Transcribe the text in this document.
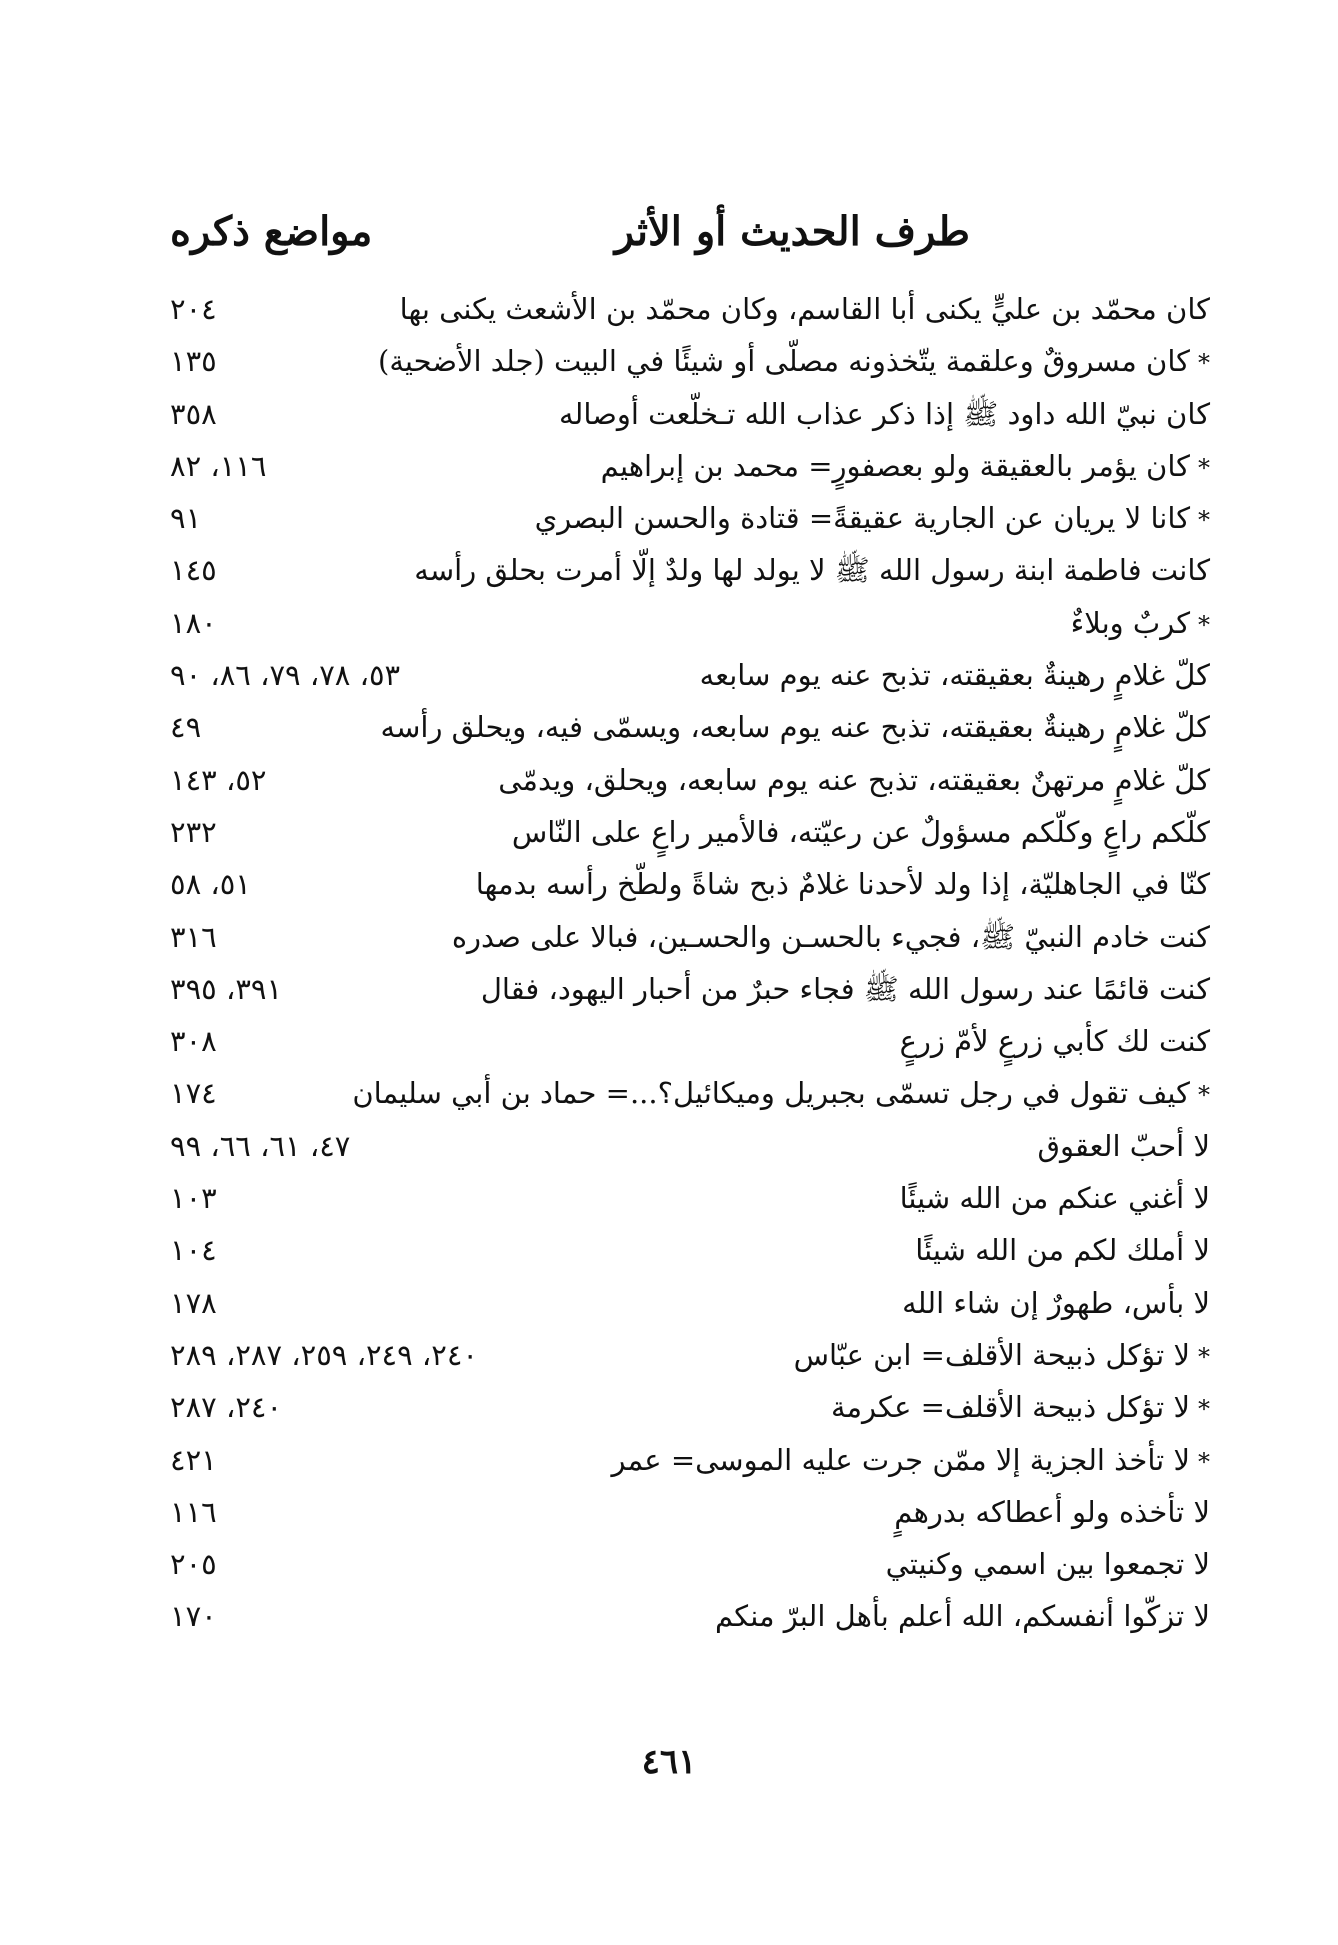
طرف الحديث أو الأثر
مواضع ذكره
كان محمّد بن عليٍّ يكنى أبا القاسم، وكان محمّد بن الأشعث يكنى بها
٢٠٤
*كان مسروقٌ وعلقمة يتّخذونه مصلّى أو شيئًا في البيت (جلد الأضحية)
١٣٥
كان نبيّ الله داود ﷺ إذا ذكر عذاب الله تـخلّعت أوصاله
٣٥٨
*كان يؤمر بالعقيقة ولو بعصفورٍ= محمد بن إبراهيم
١١٦، ٨٢
*كانا لا يريان عن الجارية عقيقةً= قتادة والحسن البصري
٩١
كانت فاطمة ابنة رسول الله ﷺ لا يولد لها ولدٌ إلّا أمرت بحلق رأسه
١٤٥
*كربٌ وبلاءٌ
١٨٠
كلّ غلامٍ رهينةٌ بعقيقته، تذبح عنه يوم سابعه
٥٣، ٧٨، ٧٩، ٨٦، ٩٠
كلّ غلامٍ رهينةٌ بعقيقته، تذبح عنه يوم سابعه، ويسمّى فيه، ويحلق رأسه
٤٩
كلّ غلامٍ مرتهنٌ بعقيقته، تذبح عنه يوم سابعه، ويحلق، ويدمّى
٥٢، ١٤٣
كلّكم راعٍ وكلّكم مسؤولٌ عن رعيّته، فالأمير راعٍ على النّاس
٢٣٢
كنّا في الجاهليّة، إذا ولد لأحدنا غلامٌ ذبح شاةً ولطّخ رأسه بدمها
٥١، ٥٨
كنت خادم النبيّ ﷺ، فجيء بالحسـن والحسـين، فبالا على صدره
٣١٦
كنت قائمًا عند رسول الله ﷺ فجاء حبرٌ من أحبار اليهود، فقال
٣٩١، ٣٩٥
كنت لك كأبي زرعٍ لأمّ زرعٍ
٣٠٨
*كيف تقول في رجل تسمّى بجبريل وميكائيل؟...= حماد بن أبي سليمان
١٧٤
لا أحبّ العقوق
٤٧، ٦١، ٦٦، ٩٩
لا أغني عنكم من الله شيئًا
١٠٣
لا أملك لكم من الله شيئًا
١٠٤
لا بأس، طهورٌ إن شاء الله
١٧٨
*لا تؤكل ذبيحة الأقلف= ابن عبّاس
٢٤٠، ٢٤٩، ٢٥٩، ٢٨٧، ٢٨٩
*لا تؤكل ذبيحة الأقلف= عكرمة
٢٤٠، ٢٨٧
*لا تأخذ الجزية إلا ممّن جرت عليه الموسى= عمر
٤٢١
لا تأخذه ولو أعطاكه بدرهمٍ
١١٦
لا تجمعوا بين اسمي وكنيتي
٢٠٥
لا تزكّوا أنفسكم، الله أعلم بأهل البرّ منكم
١٧٠
٤٦١
